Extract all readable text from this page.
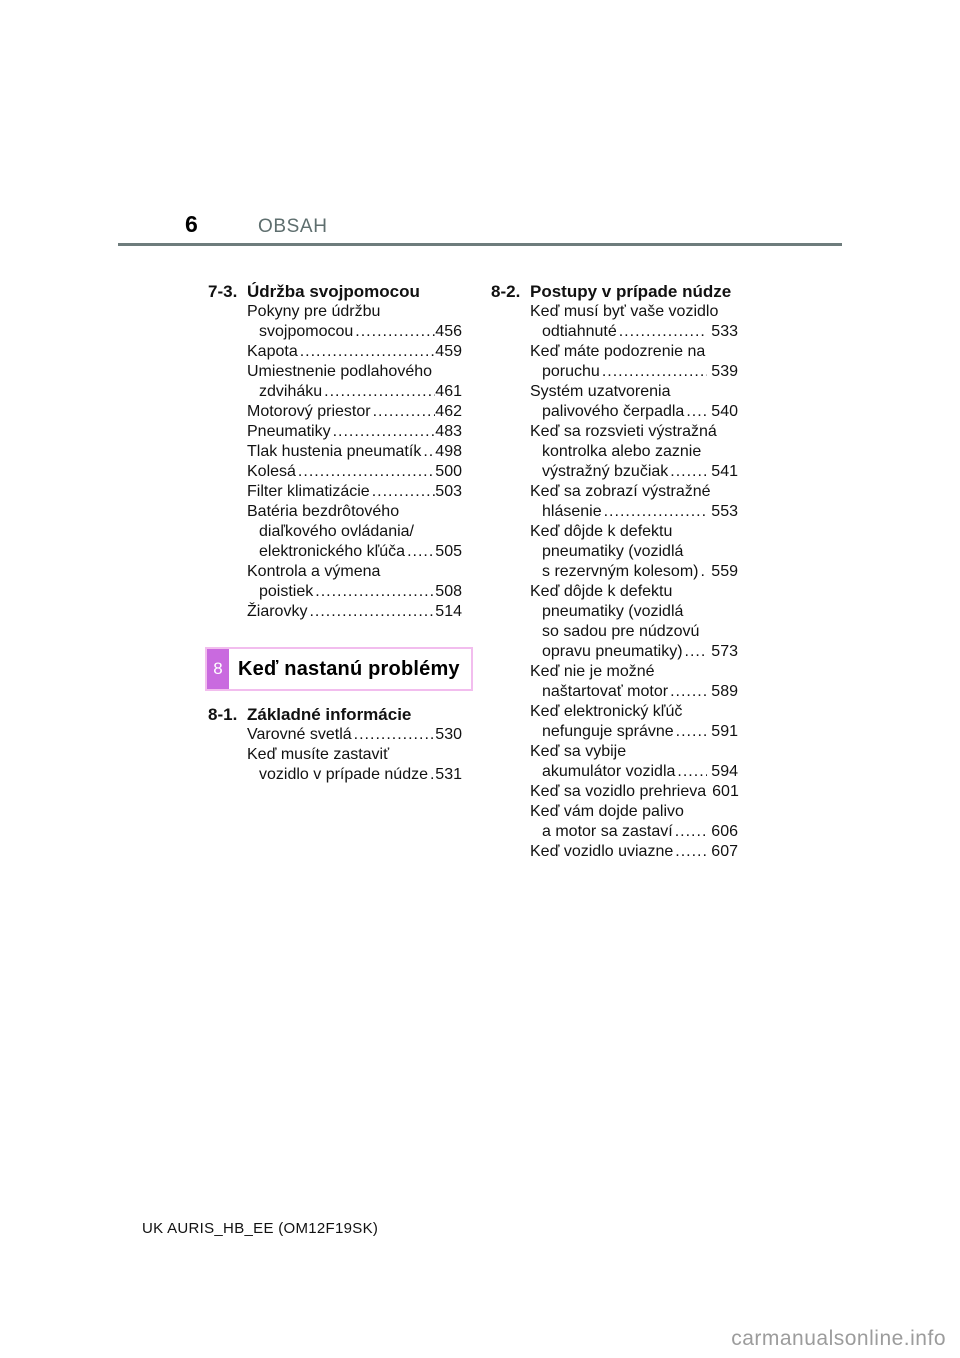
6	OBSAH
7-3. Údržba svojpomocou
Pokyny pre údržbu
svojpomocou .....	456
Kapota .....	459
Umiestnenie podlahového
zdviháku .....	461
Motorový priestor .....	462
Pneumatiky .....	483
Tlak hustenia pneumatík ..... 498
Kolesá .....	500
Filter klimatizácie .....	503
Batéria bezdrôtového
diaľkového ovládania/
elektronického kľúča ..... 505
Kontrola a výmena
poistiek .....	508
Žiarovky .....	514
8 Keď nastanú problémy
8-1. Základné informácie
Varovné svetlá .....	530
Keď musíte zastaviť
vozidlo v prípade núdze ..... 531
8-2. Postupy v prípade núdze
Keď musí byť vaše vozidlo
odtiahnuté .....	533
Keď máte podozrenie na
poruchu .....	539
Systém uzatvorenia
palivového čerpadla ..... 540
Keď sa rozsvieti výstražná
kontrolka alebo zaznie
výstražný bzučiak .....	541
Keď sa zobrazí výstražné
hlásenie .....	553
Keď dôjde k defektu
pneumatiky (vozidlá
s rezervným kolesom) ..... 559
Keď dôjde k defektu
pneumatiky (vozidlá
so sadou pre núdzovú
opravu pneumatiky) ..... 573
Keď nie je možné
naštartovať motor .....	589
Keď elektronický kľúč
nefunguje správne ..... 591
Keď sa vybije
akumulátor vozidla ..... 594
Keď sa vozidlo prehrieva ..... 601
Keď vám dojde palivo
a motor sa zastaví ..... 606
Keď vozidlo uviazne ..... 607
UK AURIS_HB_EE (OM12F19SK)
carmanualsonline.info
